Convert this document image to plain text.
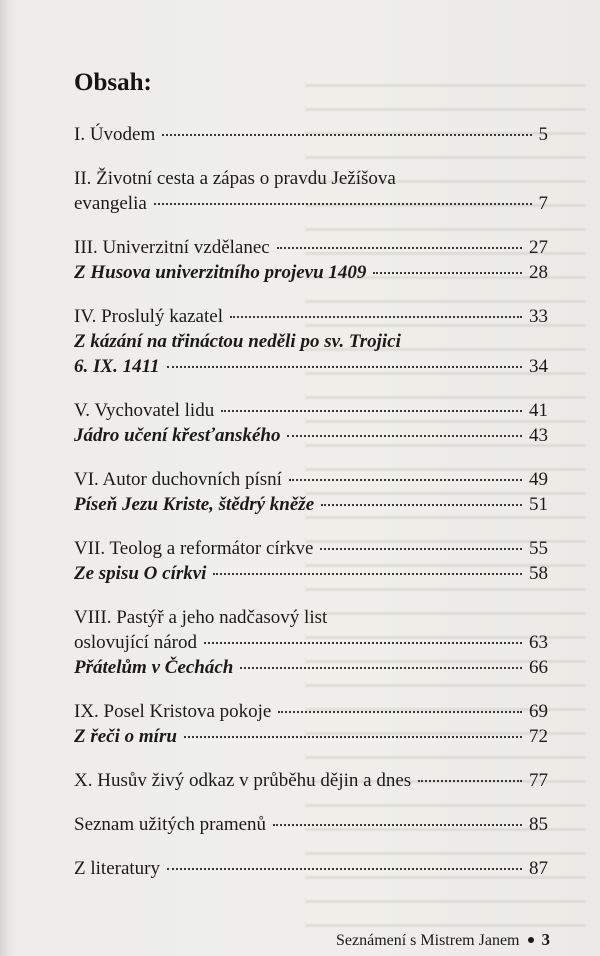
Obsah:
I. Úvodem	5
II. Životní cesta a zápas o pravdu Ježíšova
evangelia	7
III. Univerzitní vzdělanec	27
Z Husova univerzitního projevu 1409	28
IV. Proslulý kazatel	33
Z kázání na třináctou neděli po sv. Trojici
6. IX. 1411	34
V. Vychovatel lidu	41
Jádro učení křesťanského	43
VI. Autor duchovních písní	49
Píseň Jezu Kriste, štědrý kněže	51
VII. Teolog a reformátor církve	55
Ze spisu O církvi	58
VIII. Pastýř a jeho nadčasový list
oslovující národ	63
Přátelům v Čechách	66
IX. Posel Kristova pokoje	69
Z řeči o míru	72
X. Husův živý odkaz v průběhu dějin a dnes	77
Seznam užitých pramenů	85
Z literatury	87
Seznámení s Mistrem Janem 3
